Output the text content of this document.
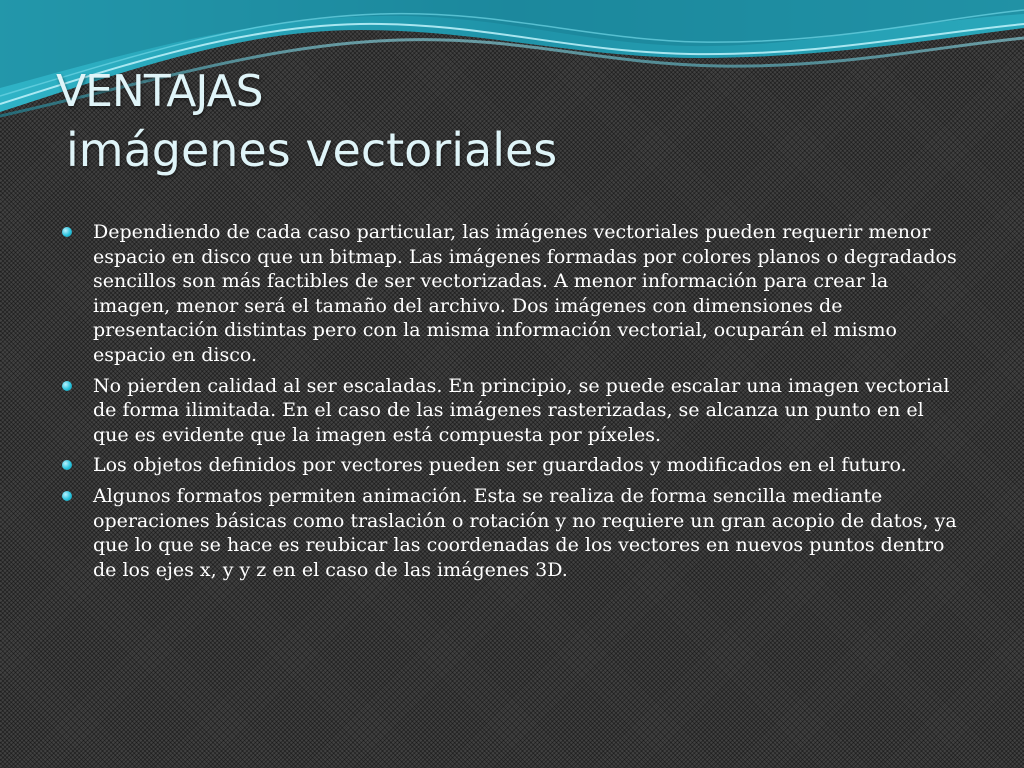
VENTAJAS
imágenes vectoriales
Dependiendo de cada caso particular, las imágenes vectoriales pueden requerir menor espacio en disco que un bitmap. Las imágenes formadas por colores planos o degradados sencillos son más factibles de ser vectorizadas. A menor información para crear la imagen, menor será el tamaño del archivo. Dos imágenes con dimensiones de presentación distintas pero con la misma información vectorial, ocuparán el mismo espacio en disco.
No pierden calidad al ser escaladas. En principio, se puede escalar una imagen vectorial de forma ilimitada. En el caso de las imágenes rasterizadas, se alcanza un punto en el que es evidente que la imagen está compuesta por píxeles.
Los objetos definidos por vectores pueden ser guardados y modificados en el futuro.
Algunos formatos permiten animación. Esta se realiza de forma sencilla mediante operaciones básicas como traslación o rotación y no requiere un gran acopio de datos, ya que lo que se hace es reubicar las coordenadas de los vectores en nuevos puntos dentro de los ejes x, y y z en el caso de las imágenes 3D.
